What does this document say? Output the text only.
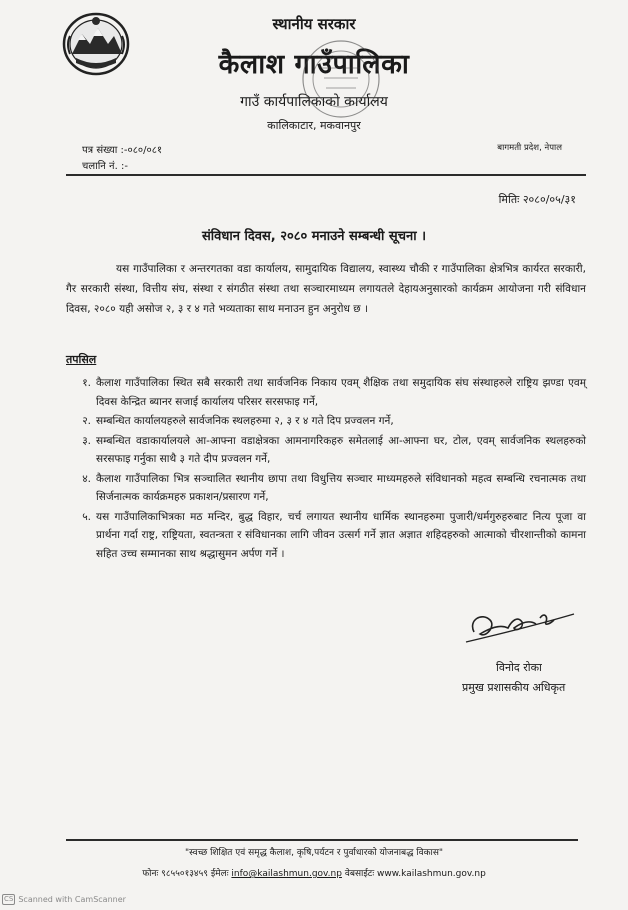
स्थानीय सरकार
कैलाश गाउँपालिका
गाउँ कार्यपालिकाको कार्यालय
कालिकाटार, मकवानपुर
पत्र संख्या :-०८०/०८१
चलानि नं. :-
बागमती प्रदेश, नेपाल
मितिः २०८०/०५/३१
संविधान दिवस, २०८० मनाउने सम्बन्धी सूचना ।
यस गाउँपालिका र अन्तरगतका वडा कार्यालय, सामुदायिक विद्यालय, स्वास्थ्य चौकी र गाउँपालिका क्षेत्रभित्र कार्यरत सरकारी, गैर सरकारी संस्था, वित्तीय संघ, संस्था र संगठीत संस्था तथा सञ्चारमाध्यम लगायतले देहायअनुसारको कार्यक्रम आयोजना गरी संविधान दिवस, २०८० यही असोज २, ३ र ४ गते भव्यताका साथ मनाउन हुन अनुरोध छ ।
तपसिल
१. कैलाश गाउँपालिका स्थित सबै सरकारी तथा सार्वजनिक निकाय एवम् शैक्षिक तथा समुदायिक संघ संस्थाहरुले राष्ट्रिय झण्डा एवम् दिवस केन्द्रित ब्यानर सजाई कार्यालय परिसर सरसफाइ गर्ने,
२. सम्बन्धित कार्यालयहरुले सार्वजनिक स्थलहरुमा २, ३ र ४ गते दिप प्रज्वलन गर्ने,
३. सम्बन्धित वडाकार्यालयले आ-आफ्ना वडाक्षेत्रका आमनागरिकहरु समेतलाई आ-आफ्ना घर, टोल, एवम् सार्वजनिक स्थलहरुको सरसफाइ गर्नुका साथै ३ गते दीप प्रज्वलन गर्ने,
४. कैलाश गाउँपालिका भित्र सञ्चालित स्थानीय छापा तथा विधुत्तिय सञ्चार माध्यमहरुले संविधानको महत्व सम्बन्धि रचनात्मक तथा सिर्जनात्मक कार्यक्रमहरु प्रकाशन/प्रसारण गर्ने,
५. यस गाउँपालिकाभित्रका मठ मन्दिर, बुद्ध विहार, चर्च लगायत स्थानीय धार्मिक स्थानहरुमा पुजारी/धर्मगुरुहरुबाट नित्य पूजा वा प्रार्थना गर्दा राष्ट्र, राष्ट्रियता, स्वतन्त्रता र संविधानका लागि जीवन उत्सर्ग गर्ने ज्ञात अज्ञात शहिदहरुको आत्माको चीरशान्तीको कामना सहित उच्च सम्मानका साथ श्रद्धासुमन अर्पण गर्ने ।
विनोद रोका
प्रमुख प्रशासकीय अधिकृत
"स्वच्छ शिक्षित एवं समृद्ध कैलाश, कृषि,पर्यटन र पुर्वाधारको योजनाबद्ध विकास"
फोनः ९८५५०१३४५९ ईमेलः info@kailashmun.gov.np वेबसाईटः www.kailashmun.gov.np
CS Scanned with CamScanner
